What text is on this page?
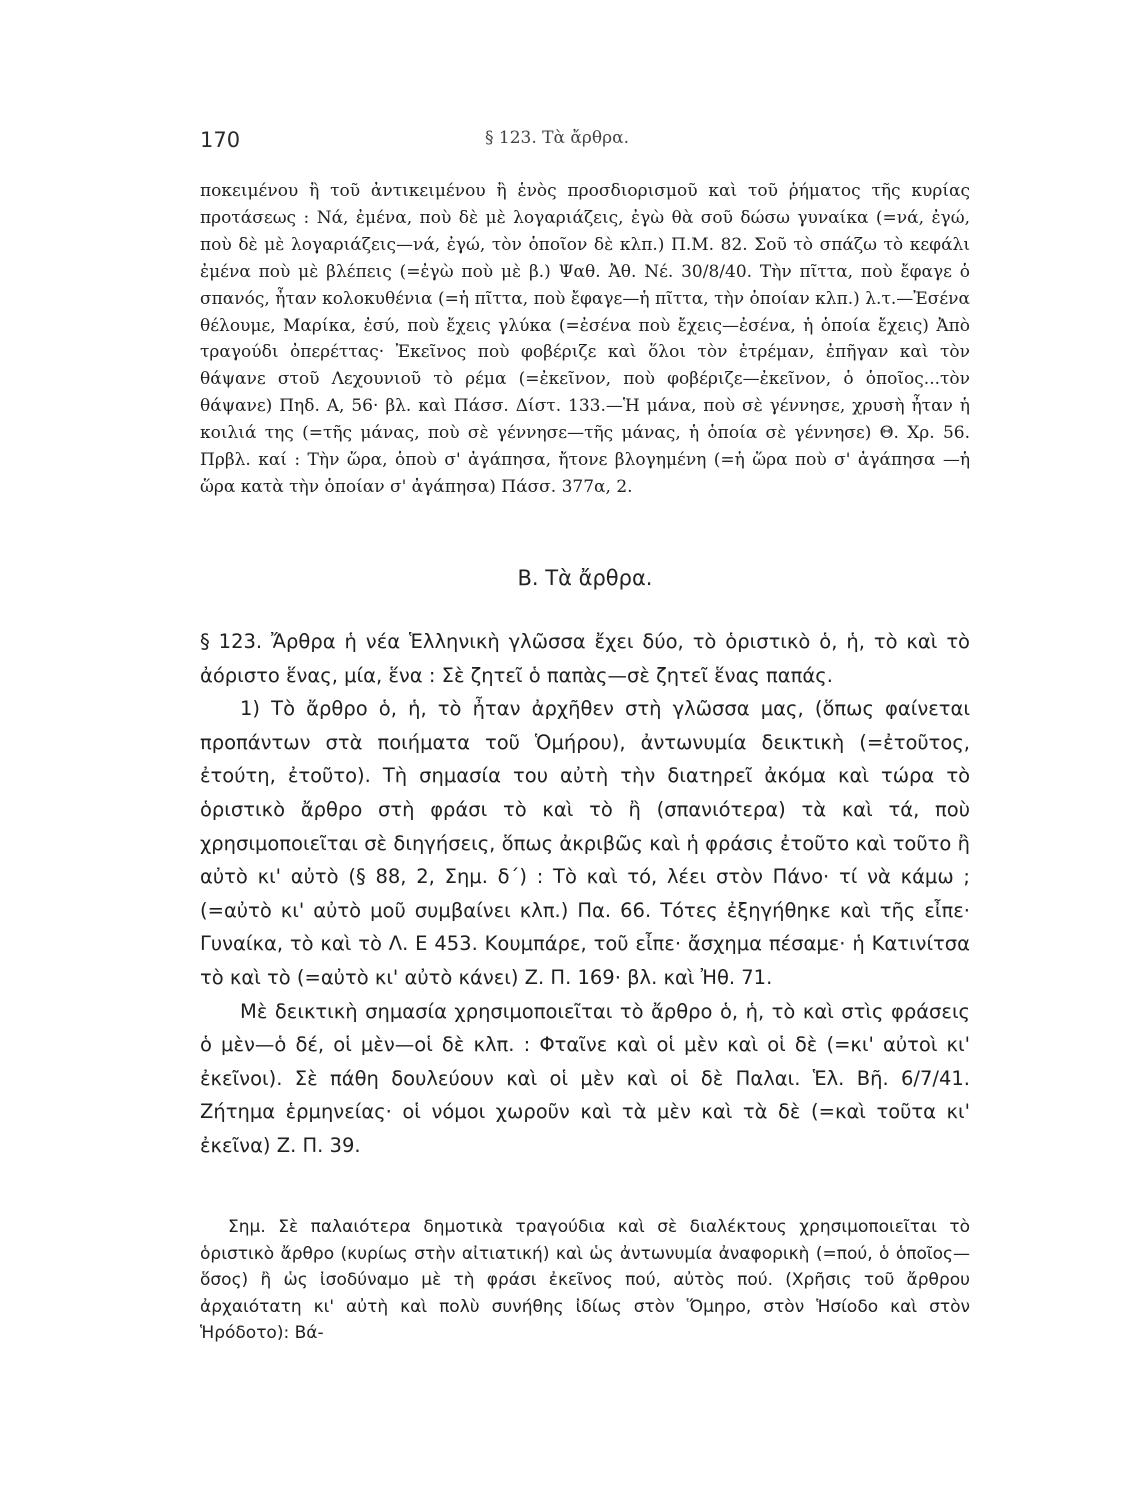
170	§ 123. Τὰ ἄρθρα.

ποκειμένου ἢ τοῦ ἀντικειμένου ἢ ἑνὸς προσδιορισμοῦ καὶ τοῦ ῥήματος τῆς κυρίας προτάσεως : Νά, ἐμένα, ποὺ δὲ μὲ λογαριάζεις, ἐγὼ θὰ σοῦ δώσω γυναίκα (=νά, ἐγώ, ποὺ δὲ μὲ λογαριάζεις—νά, ἐγώ, τὸν ὁποῖον δὲ κλπ.) Π.Μ. 82. Σοῦ τὸ σπάζω τὸ κεφάλι ἐμένα ποὺ μὲ βλέπεις (=ἐγὼ ποὺ μὲ β.) Ψαθ. Ἀθ. Νέ. 30/8/40. Τὴν πῖττα, ποὺ ἔφαγε ὁ σπανός, ἦταν κολοκυθένια (=ἡ πῖττα, ποὺ ἔφαγε—ἡ πῖττα, τὴν ὁποίαν κλπ.) λ.τ.—Ἐσένα θέλουμε, Μαρίκα, ἐσύ, ποὺ ἔχεις γλύκα (=ἐσένα ποὺ ἔχεις—ἐσένα, ἡ ὁποία ἔχεις) Ἀπὸ τραγούδι ὀπερέττας· Ἐκεῖνος ποὺ φοβέριζε καὶ ὅλοι τὸν ἐτρέμαν, ἐπῆγαν καὶ τὸν θάψανε στοῦ Λεχουνιοῦ τὸ ρέμα (=ἐκεῖνον, ποὺ φοβέριζε—ἐκεῖνον, ὁ ὁποῖος...τὸν θάψανε) Πηδ. Α, 56· βλ. καὶ Πάσσ. Δίστ. 133.—Ἡ μάνα, ποὺ σὲ γέννησε, χρυσὴ ἦταν ἡ κοιλιά της (=τῆς μάνας, ποὺ σὲ γέννησε—τῆς μάνας, ἡ ὁποία σὲ γέννησε) Θ. Χρ. 56. Πρβλ. καί : Τὴν ὥρα, ὁποὺ σ' ἀγάπησα, ἤτονε βλογημένη (=ἡ ὥρα ποὺ σ' ἀγάπησα —ἡ ὥρα κατὰ τὴν ὁποίαν σ' ἀγάπησα) Πάσσ. 377α, 2.

Β. Τὰ ἄρθρα.

§ 123. Ἄρθρα ἡ νέα Ἑλληνικὴ γλῶσσα ἔχει δύο, τὸ ὁριστικὸ ὁ, ἡ, τὸ καὶ τὸ ἀόριστο ἕνας, μία, ἕνα : Σὲ ζητεῖ ὁ παπὰς—σὲ ζητεῖ ἕνας παπάς.

1) Τὸ ἄρθρο ὁ, ἡ, τὸ ἦταν ἀρχῆθεν στὴ γλῶσσα μας, (ὅπως φαίνεται προπάντων στὰ ποιήματα τοῦ Ὁμήρου), ἀντωνυμία δεικτικὴ (=ἐτοῦτος, ἐτούτη, ἐτοῦτο). Τὴ σημασία του αὐτὴ τὴν διατηρεῖ ἀκόμα καὶ τώρα τὸ ὁριστικὸ ἄρθρο στὴ φράσι τὸ καὶ τὸ ἢ (σπανιότερα) τὰ καὶ τά, ποὺ χρησιμοποιεῖται σὲ διηγήσεις, ὅπως ἀκριβῶς καὶ ἡ φράσις ἐτοῦτο καὶ τοῦτο ἢ αὐτὸ κι' αὐτὸ (§ 88, 2, Σημ. δ΄) : Τὸ καὶ τό, λέει στὸν Πάνο· τί νὰ κάμω ; (=αὐτὸ κι' αὐτὸ μοῦ συμβαίνει κλπ.) Πα. 66. Τότες ἐξηγήθηκε καὶ τῆς εἶπε· Γυναίκα, τὸ καὶ τὸ Λ. Ε 453. Κουμπάρε, τοῦ εἶπε· ἄσχημα πέσαμε· ἡ Κατινίτσα τὸ καὶ τὸ (=αὐτὸ κι' αὐτὸ κάνει) Ζ. Π. 169· βλ. καὶ Ἠθ. 71.

Μὲ δεικτικὴ σημασία χρησιμοποιεῖται τὸ ἄρθρο ὁ, ἡ, τὸ καὶ στὶς φράσεις ὁ μὲν—ὁ δέ, οἱ μὲν—οἱ δὲ κλπ. : Φταῖνε καὶ οἱ μὲν καὶ οἱ δὲ (=κι' αὐτοὶ κι' ἐκεῖνοι). Σὲ πάθη δουλεύουν καὶ οἱ μὲν καὶ οἱ δὲ Παλαι. Ἑλ. Βῆ. 6/7/41. Ζήτημα ἑρμηνείας· οἱ νόμοι χωροῦν καὶ τὰ μὲν καὶ τὰ δὲ (=καὶ τοῦτα κι' ἐκεῖνα) Ζ. Π. 39.

Σημ. Σὲ παλαιότερα δημοτικὰ τραγούδια καὶ σὲ διαλέκτους χρησιμοποιεῖται τὸ ὁριστικὸ ἄρθρο (κυρίως στὴν αἰτιατική) καὶ ὡς ἀντωνυμία ἀναφορικὴ (=πού, ὁ ὁποῖος—ὅσος) ἢ ὡς ἰσοδύναμο μὲ τὴ φράσι ἐκεῖνος πού, αὐτὸς πού. (Χρῆσις τοῦ ἄρθρου ἀρχαιότατη κι' αὐτὴ καὶ πολὺ συνήθης ἰδίως στὸν Ὅμηρο, στὸν Ἡσίοδο καὶ στὸν Ἡρόδοτο): Βά-
